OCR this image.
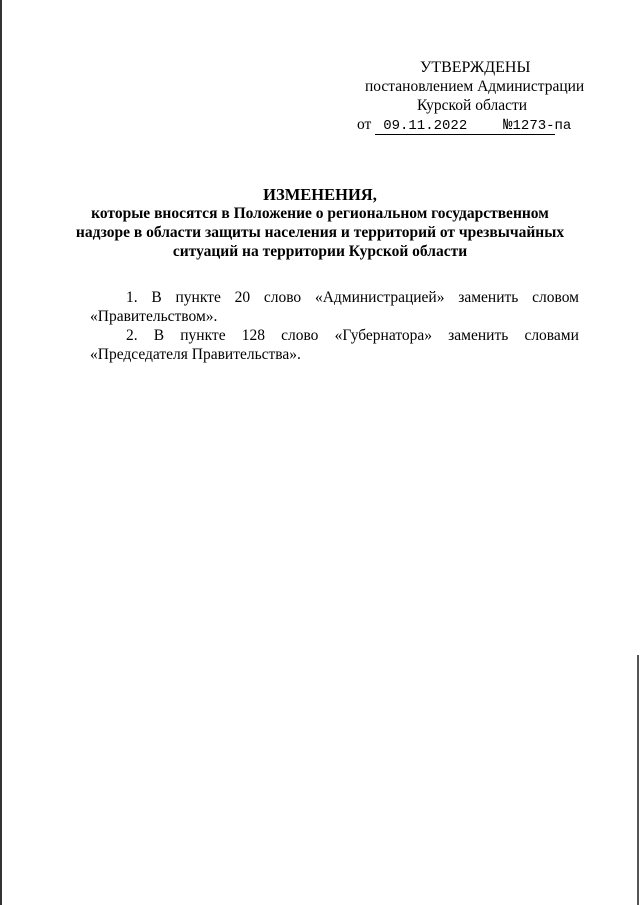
УТВЕРЖДЕНЫ
постановлением Администрации
Курской области
от 09.11.2022 №1273-па
ИЗМЕНЕНИЯ,
которые вносятся в Положение о региональном государственном
надзоре в области защиты населения и территорий от чрезвычайных
ситуаций на территории Курской области
1. В пункте 20 слово «Администрацией» заменить словом
«Правительством».
2. В пункте 128 слово «Губернатора» заменить словами
«Председателя Правительства».
